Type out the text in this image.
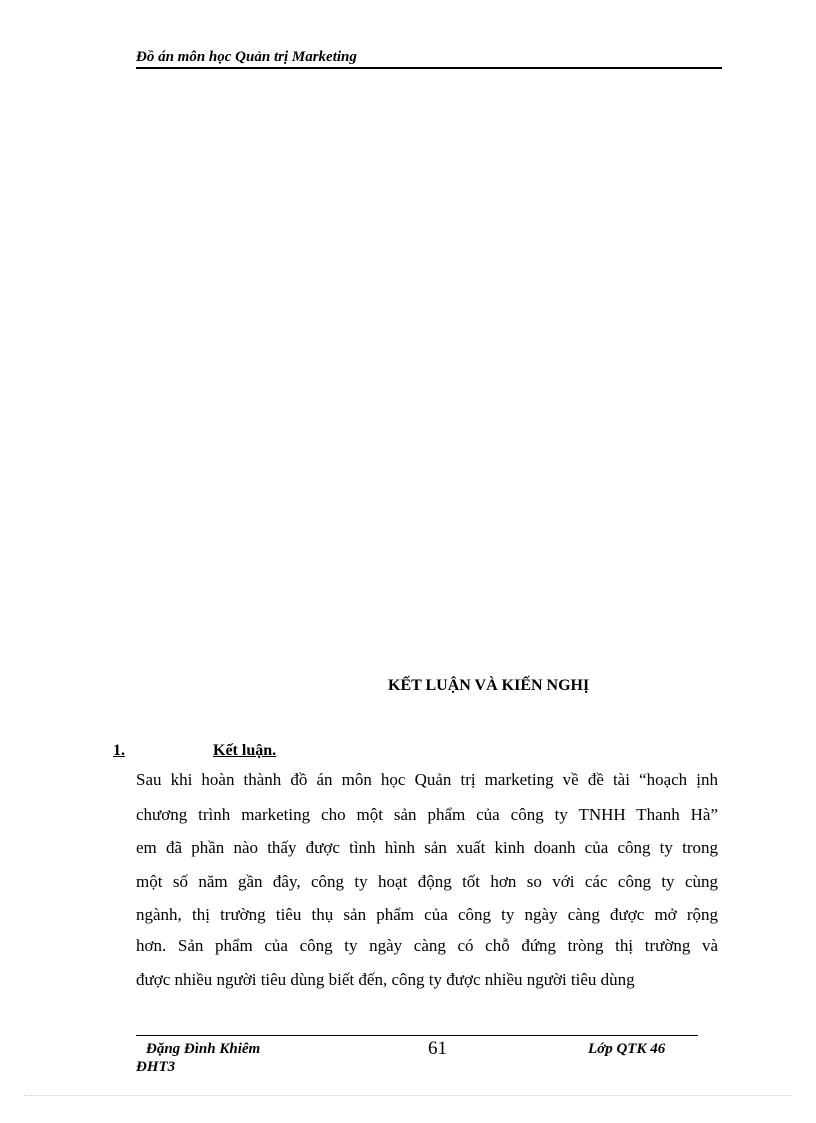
Đồ án môn học Quản trị Marketing
KẾT LUẬN VÀ KIẾN NGHỊ
1.	Kết luận.
Sau khi hoàn thành đồ án môn học Quản trị marketing về đề tài “hoạch ịnh
chương trình marketing cho một sản phẩm của công ty TNHH Thanh Hà”
em đã phần nào thấy được tình hình sản xuất kinh doanh của công ty trong
một số năm gần đây, công ty hoạt động tốt hơn so với các công ty cùng
ngành, thị trường tiêu thụ sản phẩm của công ty ngày càng được mở rộng
hơn. Sản phẩm của công ty ngày càng có chỗ đứng tròng thị trường và
được nhiều người tiêu dùng biết đến, công ty được nhiều người tiêu dùng
Đặng Đình Khiêm	61	Lớp QTK 46
ĐHT3
